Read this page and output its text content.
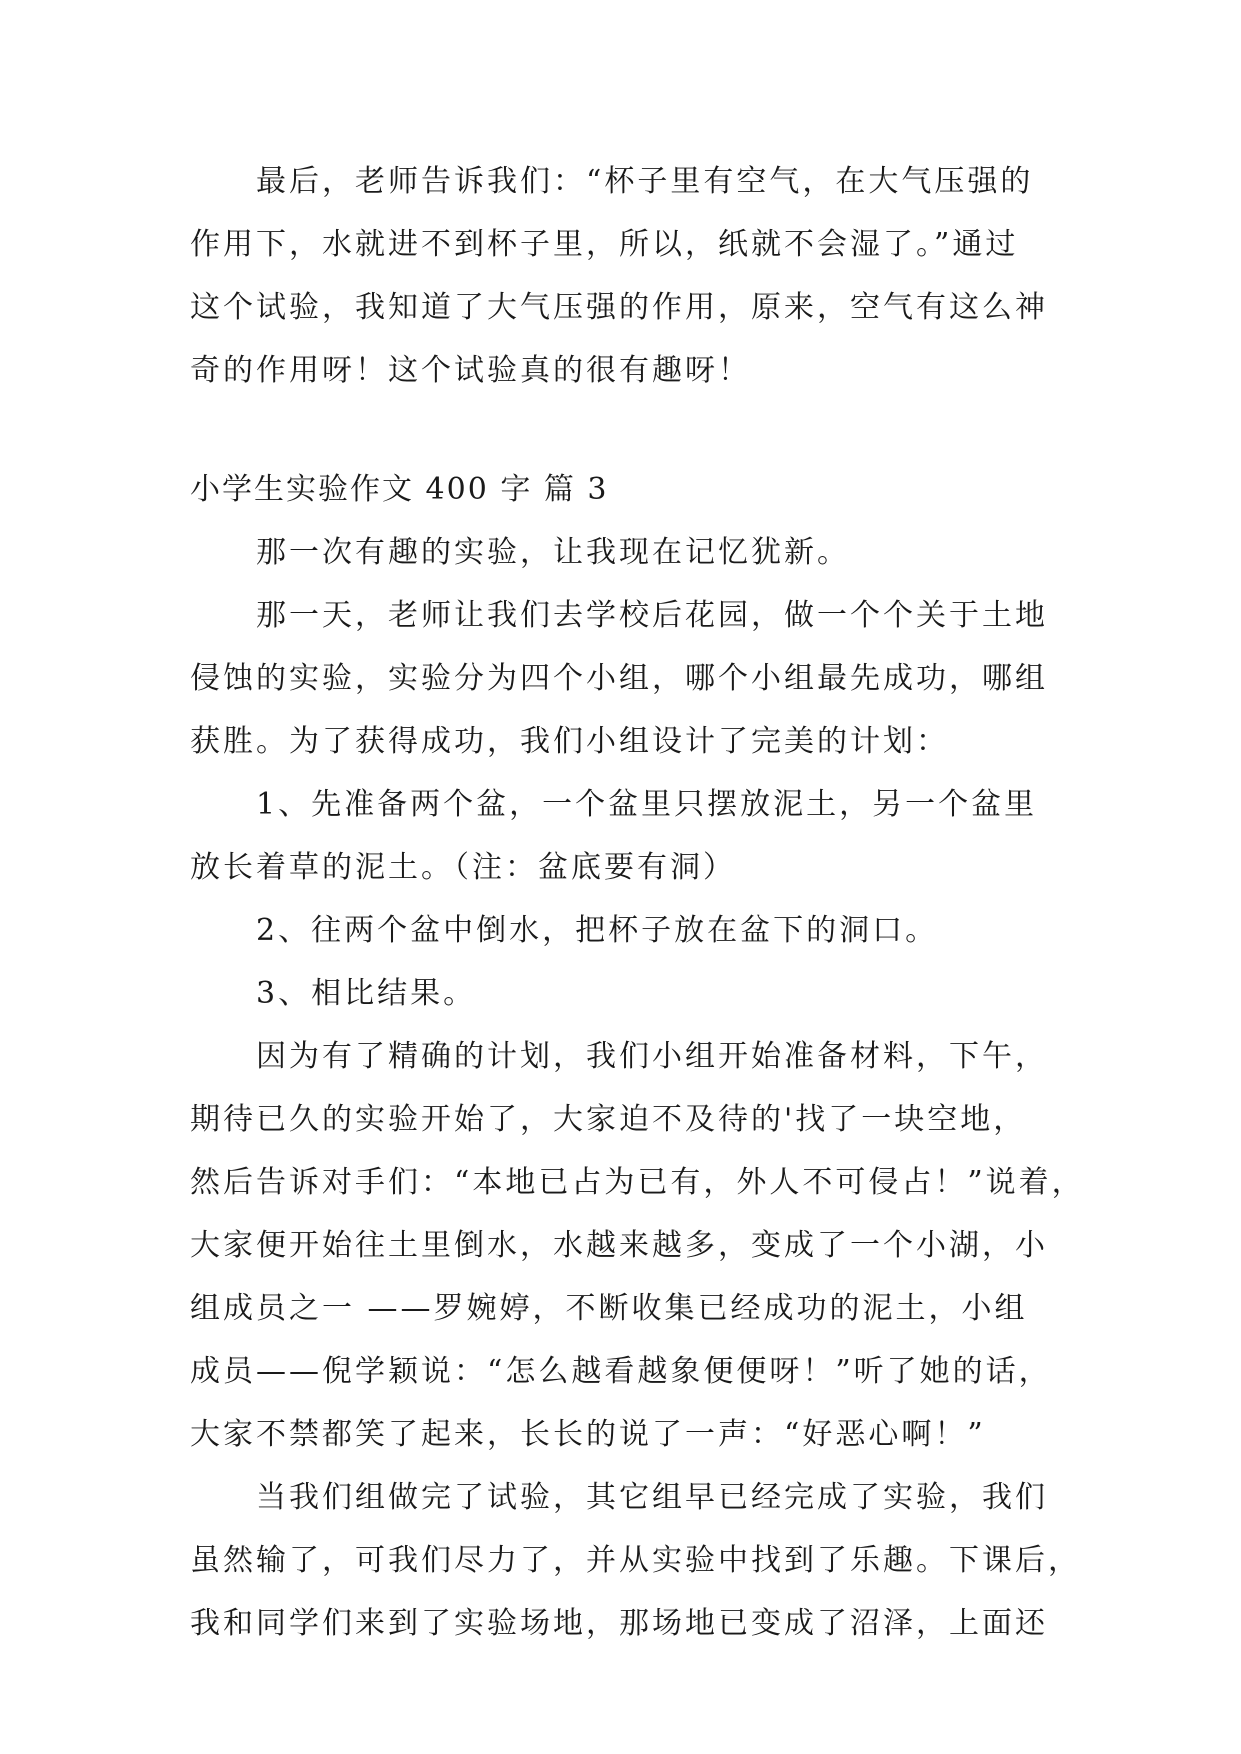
最后，老师告诉我们：“杯子里有空气，在大气压强的
作用下，水就进不到杯子里，所以，纸就不会湿了。”通过
这个试验，我知道了大气压强的作用，原来，空气有这么神
奇的作用呀！这个试验真的很有趣呀！
小学生实验作文 400 字 篇 3
那一次有趣的实验，让我现在记忆犹新。
那一天，老师让我们去学校后花园，做一个个关于土地
侵蚀的实验，实验分为四个小组，哪个小组最先成功，哪组
获胜。为了获得成功，我们小组设计了完美的计划：
1、先准备两个盆，一个盆里只摆放泥土，另一个盆里
放长着草的泥土。（注：盆底要有洞）
2、往两个盆中倒水，把杯子放在盆下的洞口。
3、相比结果。
因为有了精确的计划，我们小组开始准备材料，下午，
期待已久的实验开始了，大家迫不及待的'找了一块空地，
然后告诉对手们：“本地已占为已有，外人不可侵占！”说着，
大家便开始往土里倒水，水越来越多，变成了一个小湖，小
组成员之一 ——罗婉婷，不断收集已经成功的泥土，小组
成员——倪学颖说：“怎么越看越象便便呀！”听了她的话，
大家不禁都笑了起来，长长的说了一声：“好恶心啊！”
当我们组做完了试验，其它组早已经完成了实验，我们
虽然输了，可我们尽力了，并从实验中找到了乐趣。下课后，
我和同学们来到了实验场地，那场地已变成了沼泽，上面还
